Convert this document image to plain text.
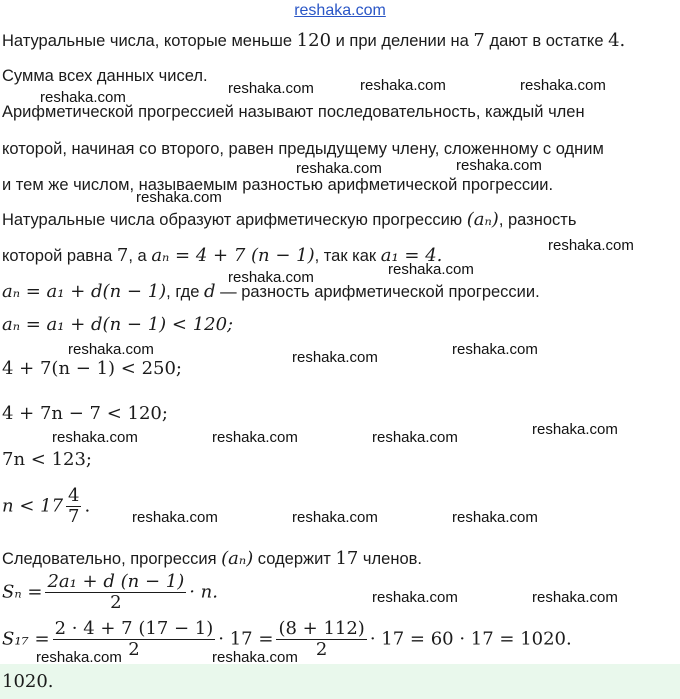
reshaka.com
Натуральные числа, которые меньше 120 и при делении на 7 дают в остатке 4.
Сумма всех данных чисел.
Арифметической прогрессией называют последовательность, каждый член
которой, начиная со второго, равен предыдущему члену, сложенному с одним
и тем же числом, называемым разностью арифметической прогрессии.
Натуральные числа образуют арифметическую прогрессию (aₙ), разность
которой равна 7, а aₙ = 4 + 7 (n − 1), так как a₁ = 4.
aₙ = a₁ + d(n − 1), где d — разность арифметической прогрессии.
aₙ = a₁ + d(n − 1) < 120;
4 + 7(n − 1) < 250;
4 + 7n − 7 < 120;
7n < 123;
$n < 17 \frac{4}{7}$ .
Следовательно, прогрессия (aₙ) содержит 17 членов.
$S_n = \frac{\text{2a₁ + d (n − 1)}}{2} \cdot n$.
$S_{17} = \frac{2 \cdot 4 + 7 (17 - 1)}{2} \cdot 17 = \frac{(8 + 112)}{2} \cdot 17 = 60 \cdot 17 = 1020$.
1020.
reshaka.com	reshaka.com	reshaka.com
reshaka.com
reshaka.com	reshaka.com
reshaka.com
reshaka.com
reshaka.com
reshaka.com
reshaka.com	reshaka.com	reshaka.com
reshaka.com	reshaka.com	reshaka.com	reshaka.com
reshaka.com	reshaka.com	reshaka.com
reshaka.com	reshaka.com
reshaka.com	reshaka.com
